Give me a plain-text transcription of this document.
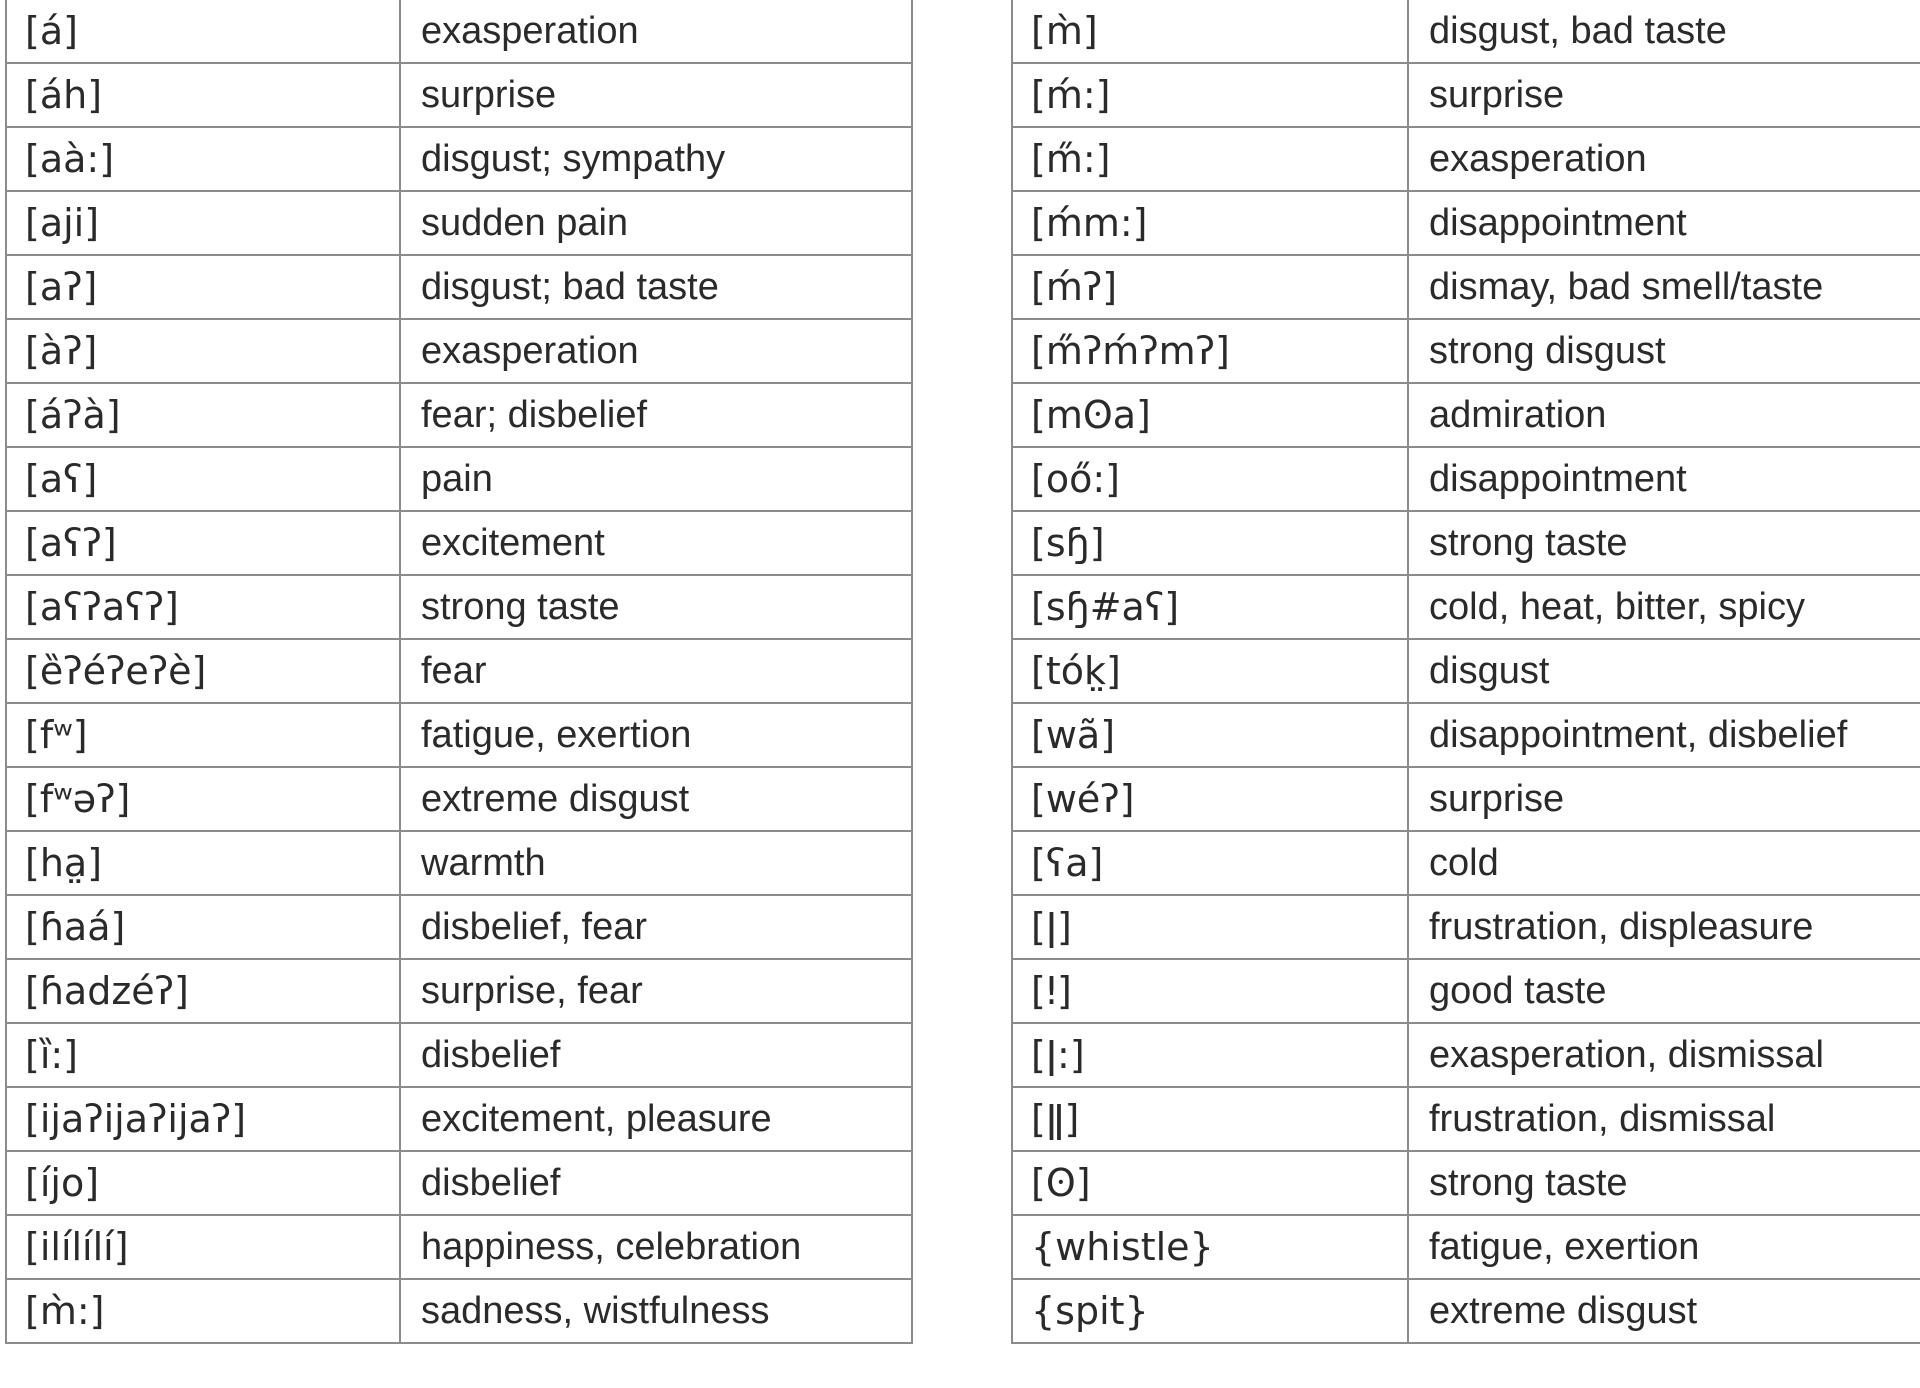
[á]	exasperation
[áh]	surprise
[aà:]	disgust; sympathy
[aji]	sudden pain
[aʔ]	disgust; bad taste
[àʔ]	exasperation
[áʔà]	fear; disbelief
[aʕ]	pain
[aʕʔ]	excitement
[aʕʔaʕʔ]	strong taste
[ȅʔéʔeʔè]	fear
[fʷ]	fatigue, exertion
[fʷəʔ]	extreme disgust
[ha̤]	warmth
[ɦaá]	disbelief, fear
[ɦadzéʔ]	surprise, fear
[ȉ:]	disbelief
[ijaʔijaʔijaʔ]	excitement, pleasure
[íjo]	disbelief
[ilílílí]	happiness, celebration
[m̀:]	sadness, wistfulness
[m̀]	disgust, bad taste
[ḿ:]	surprise
[m̋:]	exasperation
[ḿm:]	disappointment
[ḿʔ]	dismay, bad smell/taste
[m̋ʔḿʔmʔ]	strong disgust
[mʘa]	admiration
[oő:]	disappointment
[sɧ]	strong taste
[sɧ#aʕ]	cold, heat, bitter, spicy
[tók̤]	disgust
[wã]	disappointment, disbelief
[wéʔ]	surprise
[ʕa]	cold
[ǀ]	frustration, displeasure
[ǃ]	good taste
[ǀ:]	exasperation, dismissal
[ǁ]	frustration, dismissal
[ʘ]	strong taste
{whistle}	fatigue, exertion
{spit}	extreme disgust
